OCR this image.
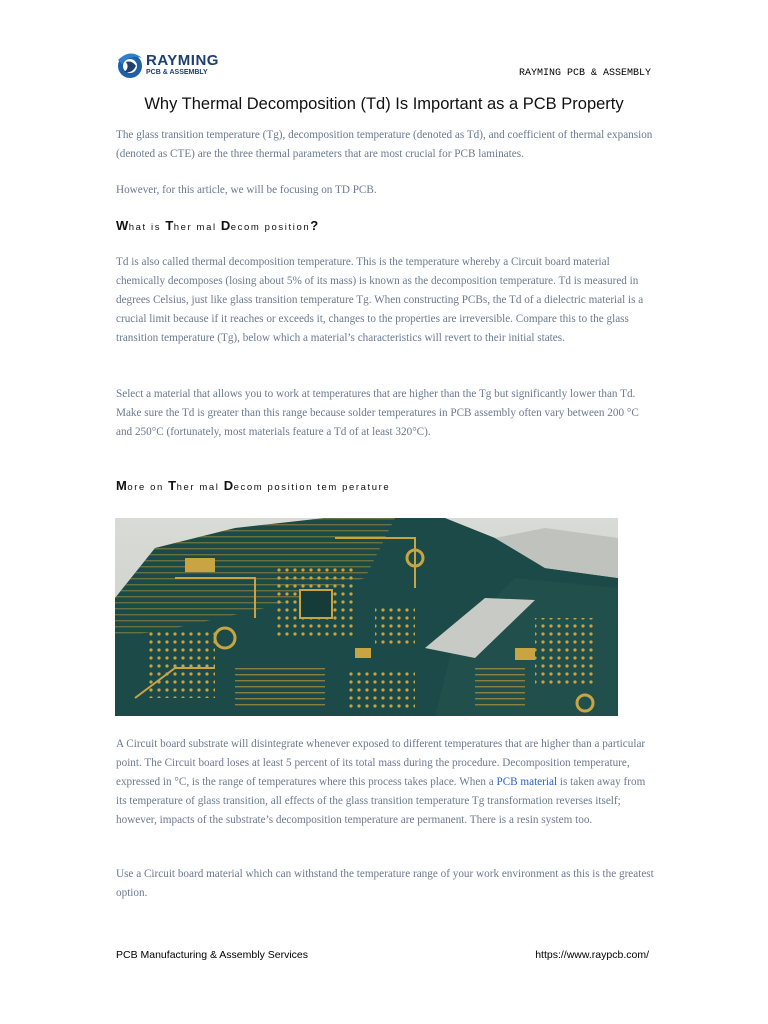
RAYMING
PCB & ASSEMBLY	RAYMING PCB & ASSEMBLY
Why Thermal Decomposition (Td) Is Important as a PCB Property

The glass transition temperature (Tg), decomposition temperature (denoted as Td), and coefficient of thermal expansion (denoted as CTE) are the three thermal parameters that are most crucial for PCB laminates.

However, for this article, we will be focusing on TD PCB.

What is Ther mal Decom position?

Td is also called thermal decomposition temperature. This is the temperature whereby a Circuit board material chemically decomposes (losing about 5% of its mass) is known as the decomposition temperature. Td is measured in degrees Celsius, just like glass transition temperature Tg. When constructing PCBs, the Td of a dielectric material is a crucial limit because if it reaches or exceeds it, changes to the properties are irreversible. Compare this to the glass transition temperature (Tg), below which a material’s characteristics will revert to their initial states.

Select a material that allows you to work at temperatures that are higher than the Tg but significantly lower than Td. Make sure the Td is greater than this range because solder temperatures in PCB assembly often vary between 200 °C and 250°C (fortunately, most materials feature a Td of at least 320°C).

More on Ther mal Decom position tem perature

A Circuit board substrate will disintegrate whenever exposed to different temperatures that are higher than a particular point. The Circuit board loses at least 5 percent of its total mass during the procedure. Decomposition temperature, expressed in °C, is the range of temperatures where this process takes place. When a PCB material is taken away from its temperature of glass transition, all effects of the glass transition temperature Tg transformation reverses itself; however, impacts of the substrate’s decomposition temperature are permanent. There is a resin system too.

Use a Circuit board material which can withstand the temperature range of your work environment as this is the greatest option.

PCB Manufacturing & Assembly Services	https://www.raypcb.com/
